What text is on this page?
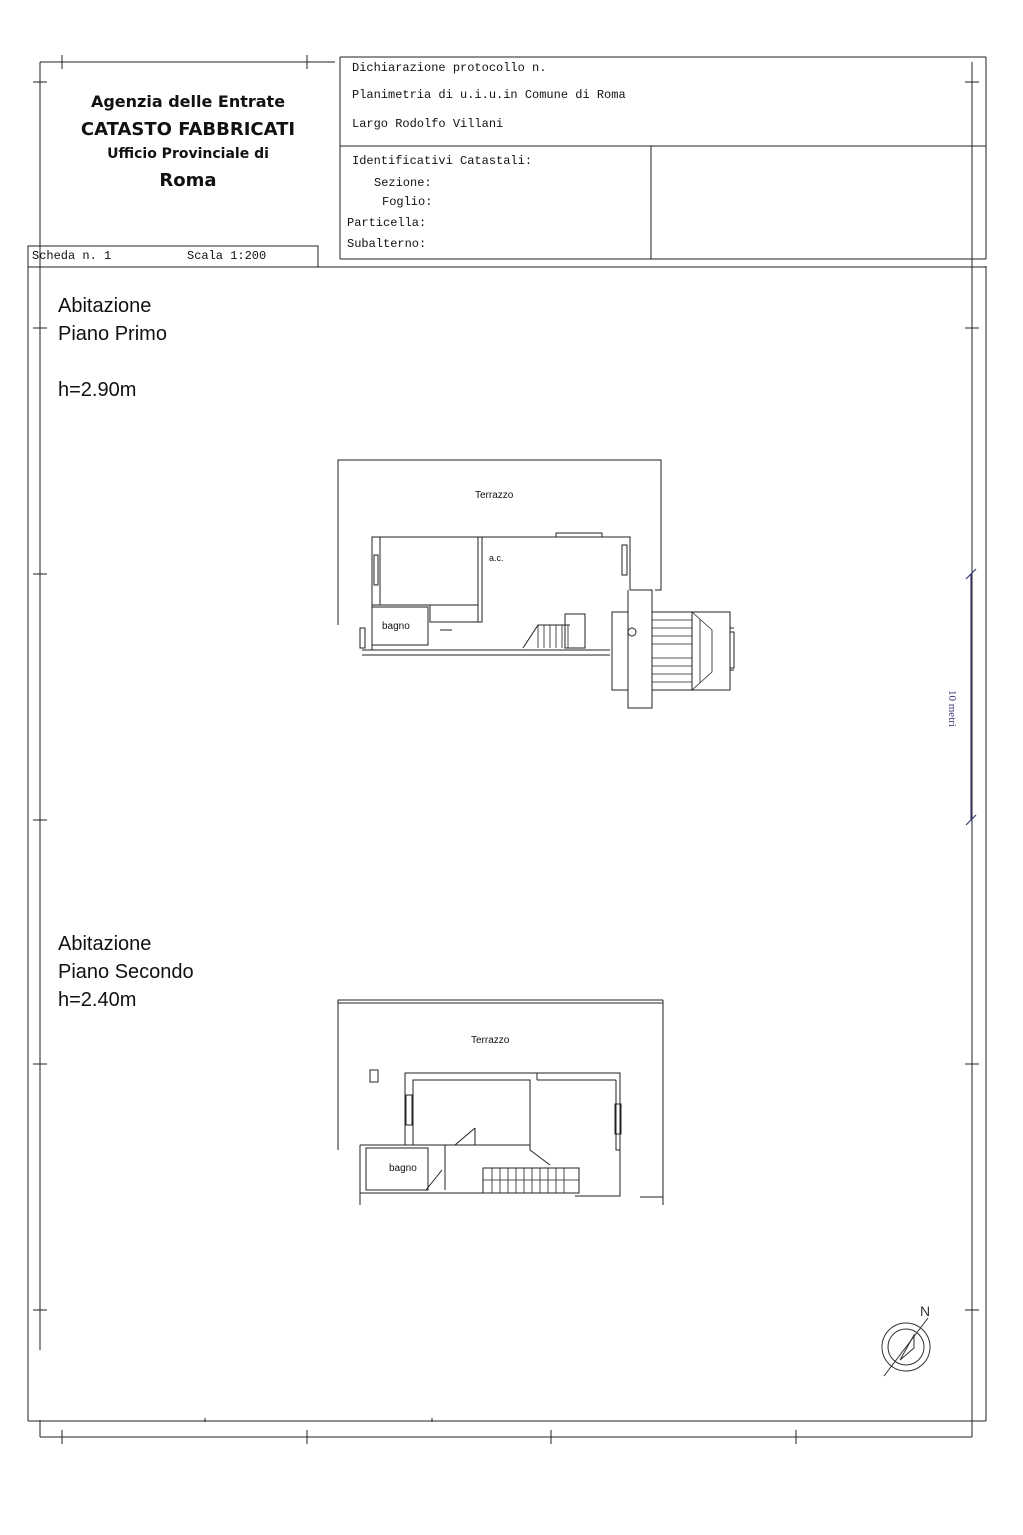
Agenzia delle Entrate
CATASTO FABBRICATI
Ufficio Provinciale di
Roma
Scheda n. 1	Scala 1:200
Dichiarazione protocollo n.
Planimetria di u.i.u.in Comune di Roma
Largo Rodolfo Villani
Identificativi Catastali:
Sezione:
Foglio:
Particella:
Subalterno:
Abitazione
Piano Primo
h=2.90m
Terrazzo
a.c.
bagno
Abitazione
Piano Secondo
h=2.40m
Terrazzo
bagno
10 metri
N
